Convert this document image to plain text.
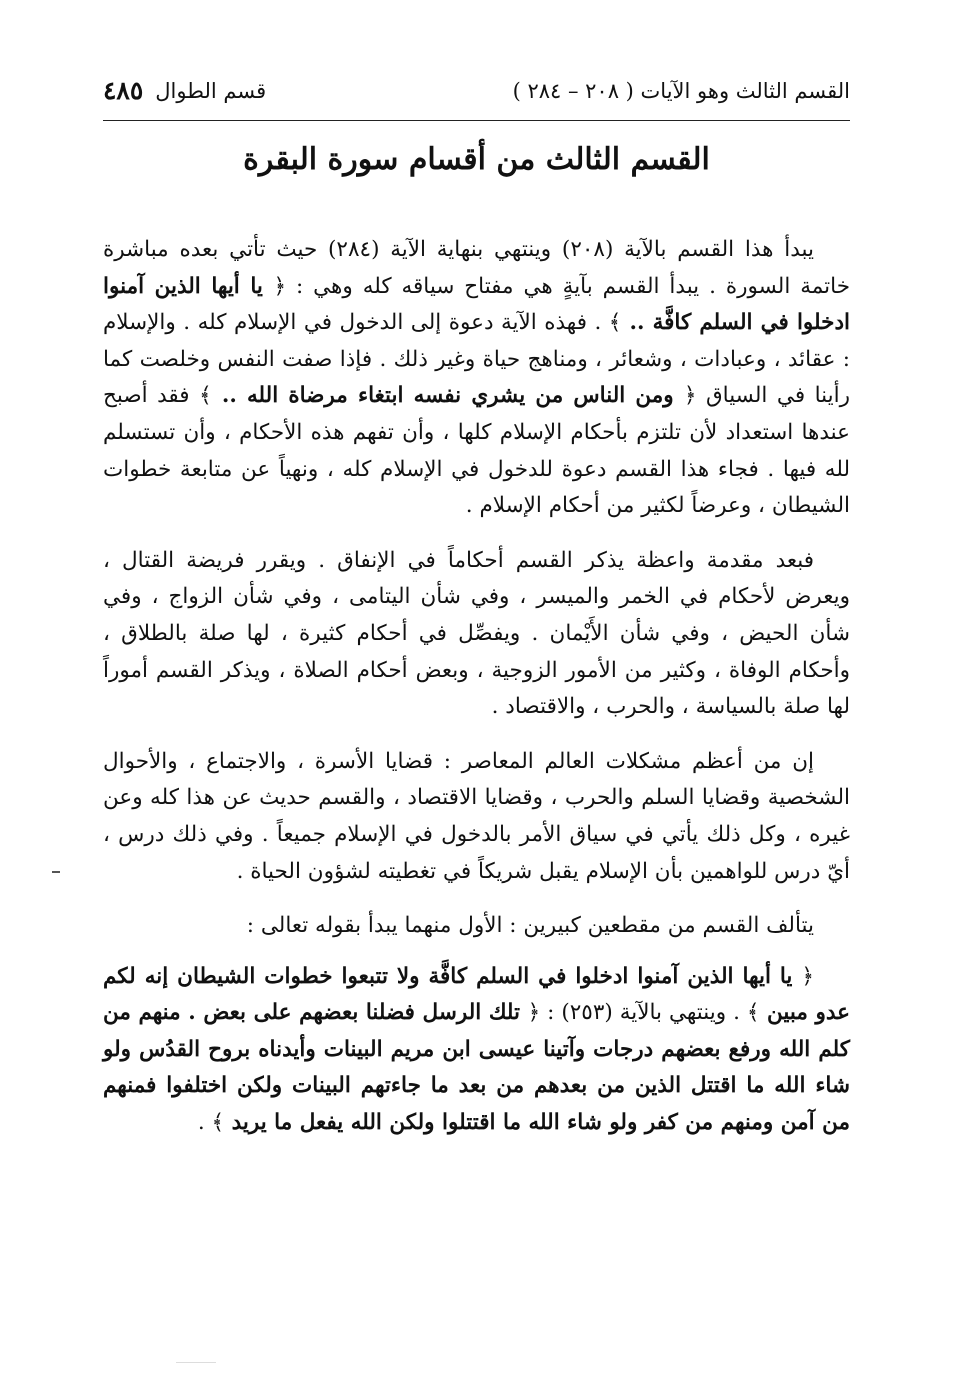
القسم الثالث وهو الآيات ( ٢٠٨ – ٢٨٤ )
قسم الطوال
٤٨٥
القسم الثالث من أقسام سورة البقرة

يبدأ هذا القسم بالآية (٢٠٨) وينتهي بنهاية الآية (٢٨٤) حيث تأتي بعده مباشرة خاتمة السورة . يبدأ القسم بآيةٍ هي مفتاح سياقه كله وهي : ﴿ يا أيها الذين آمنوا ادخلوا في السلم كافَّة .. ﴾ . فهذه الآية دعوة إلى الدخول في الإسلام كله . والإسلام : عقائد ، وعبادات ، وشعائر ، ومناهج حياة وغير ذلك . فإذا صفت النفس وخلصت كما رأينا في السياق ﴿ ومن الناس من يشري نفسه ابتغاء مرضاة الله .. ﴾ فقد أصبح عندها استعداد لأن تلتزم بأحكام الإسلام كلها ، وأن تفهم هذه الأحكام ، وأن تستسلم لله فيها . فجاء هذا القسم دعوة للدخول في الإسلام كله ، ونهياً عن متابعة خطوات الشيطان ، وعرضاً لكثير من أحكام الإسلام .

فبعد مقدمة واعظة يذكر القسم أحكاماً في الإنفاق . ويقرر فريضة القتال ، ويعرض لأحكام في الخمر والميسر ، وفي شأن اليتامى ، وفي شأن الزواج ، وفي شأن الحيض ، وفي شأن الأَيْمان . ويفصِّل في أحكام كثيرة ، لها صلة بالطلاق ، وأحكام الوفاة ، وكثير من الأمور الزوجية ، وبعض أحكام الصلاة ، ويذكر القسم أموراً لها صلة بالسياسة ، والحرب ، والاقتصاد .

إن من أعظم مشكلات العالم المعاصر : قضايا الأسرة ، والاجتماع ، والأحوال الشخصية وقضايا السلم والحرب ، وقضايا الاقتصاد ، والقسم حديث عن هذا كله وعن غيره ، وكل ذلك يأتي في سياق الأمر بالدخول في الإسلام جميعاً . وفي ذلك درس ، أيّ درس للواهمين بأن الإسلام يقبل شريكاً في تغطيته لشؤون الحياة .

يتألف القسم من مقطعين كبيرين : الأول منهما يبدأ بقوله تعالى :

﴿ يا أيها الذين آمنوا ادخلوا في السلم كافَّة ولا تتبعوا خطوات الشيطان إنه لكم عدو مبين ﴾ . وينتهي بالآية (٢٥٣) : ﴿ تلك الرسل فضلنا بعضهم على بعض . منهم من كلم الله ورفع بعضهم درجات وآتينا عيسى ابن مريم البينات وأيدناه بروح القدُس ولو شاء الله ما اقتتل الذين من بعدهم من بعد ما جاءتهم البينات ولكن اختلفوا فمنهم من آمن ومنهم من كفر ولو شاء الله ما اقتتلوا ولكن الله يفعل ما يريد ﴾ .
